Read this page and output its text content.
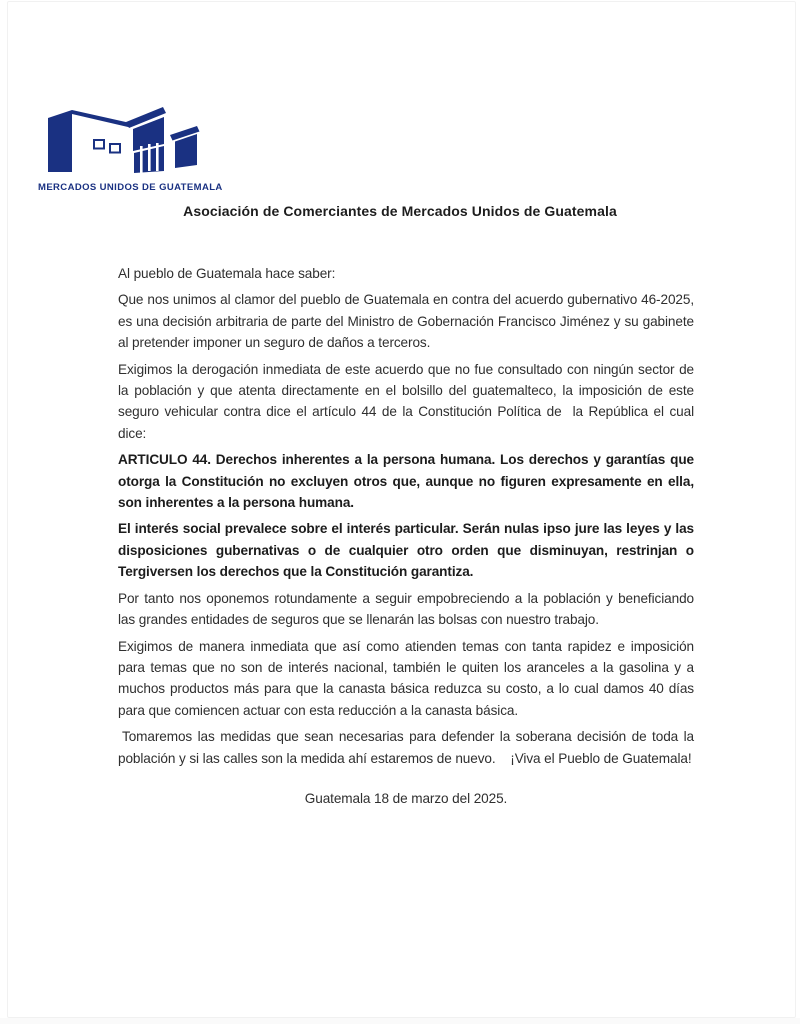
MERCADOS UNIDOS DE GUATEMALA
Asociación de Comerciantes de Mercados Unidos de Guatemala

Al pueblo de Guatemala hace saber:

Que nos unimos al clamor del pueblo de Guatemala en contra del acuerdo gubernativo 46-2025, es una decisión arbitraria de parte del Ministro de Gobernación Francisco Jiménez y su gabinete al pretender imponer un seguro de daños a terceros.

Exigimos la derogación inmediata de este acuerdo que no fue consultado con ningún sector de la población y que atenta directamente en el bolsillo del guatemalteco, la imposición de este seguro vehicular contra dice el artículo 44 de la Constitución Política de  la República el cual dice:

ARTICULO 44. Derechos inherentes a la persona humana. Los derechos y garantías que otorga la Constitución no excluyen otros que, aunque no figuren expresamente en ella, son inherentes a la persona humana.

El interés social prevalece sobre el interés particular. Serán nulas ipso jure las leyes y las disposiciones gubernativas o de cualquier otro orden que disminuyan, restrinjan o Tergiversen los derechos que la Constitución garantiza.

Por tanto nos oponemos rotundamente a seguir empobreciendo a la población y beneficiando las grandes entidades de seguros que se llenarán las bolsas con nuestro trabajo.

Exigimos de manera inmediata que así como atienden temas con tanta rapidez e imposición para temas que no son de interés nacional, también le quiten los aranceles a la gasolina y a muchos productos más para que la canasta básica reduzca su costo, a lo cual damos 40 días para que comiencen actuar con esta reducción a la canasta básica.

Tomaremos las medidas que sean necesarias para defender la soberana decisión de toda la población y si las calles son la medida ahí estaremos de nuevo.    ¡Viva el Pueblo de Guatemala!

Guatemala 18 de marzo del 2025.
